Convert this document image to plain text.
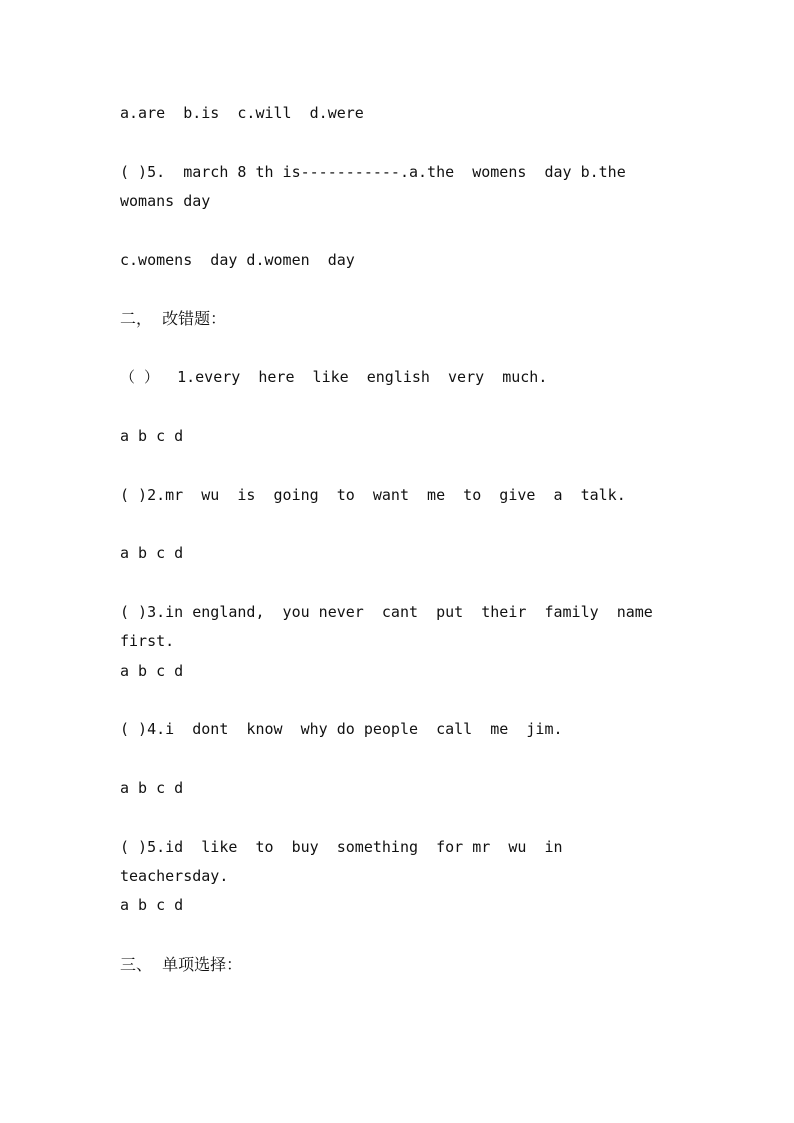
a.are  b.is  c.will  d.were

( )5.  march 8 th is-----------.a.the  womens  day b.the  womans day

c.womens  day d.women  day

二，  改错题：

（ ）  1.every  here  like  english  very  much.

a b c d

( )2.mr  wu  is  going  to  want  me  to  give  a  talk.

a b c d

( )3.in england,  you never  cant  put  their  family  name  first.

a b c d

( )4.i  dont  know  why do people  call  me  jim.

a b c d

( )5.id  like  to  buy  something  for mr  wu  in  teachersday.

a b c d

三、  单项选择：
